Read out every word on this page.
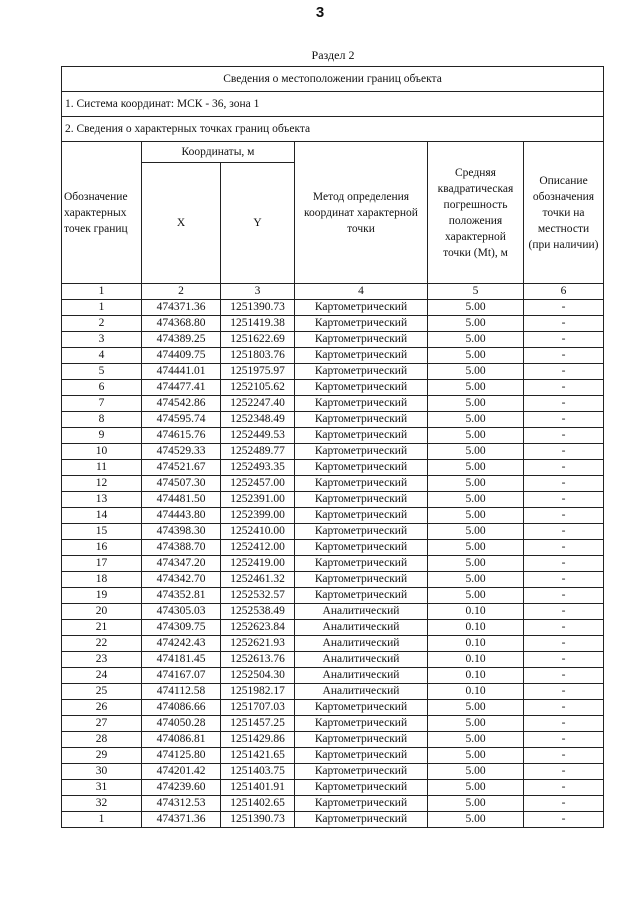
3
Раздел 2
Сведения о местоположении границ объекта					
1. Система координат: МСК - 36, зона 1					
2. Сведения о характерных точках границ объекта					
Обозначение характерных точек границ	Координаты, м		Метод определения координат характерной точки	Средняя квадратическая погрешность положения характерной точки (Mt), м	Описание обозначения точки на местности (при наличии)
	X	Y			
1	2	3	4	5	6
1	474371.36	1251390.73	Картометрический	5.00	-
2	474368.80	1251419.38	Картометрический	5.00	-
3	474389.25	1251622.69	Картометрический	5.00	-
4	474409.75	1251803.76	Картометрический	5.00	-
5	474441.01	1251975.97	Картометрический	5.00	-
6	474477.41	1252105.62	Картометрический	5.00	-
7	474542.86	1252247.40	Картометрический	5.00	-
8	474595.74	1252348.49	Картометрический	5.00	-
9	474615.76	1252449.53	Картометрический	5.00	-
10	474529.33	1252489.77	Картометрический	5.00	-
11	474521.67	1252493.35	Картометрический	5.00	-
12	474507.30	1252457.00	Картометрический	5.00	-
13	474481.50	1252391.00	Картометрический	5.00	-
14	474443.80	1252399.00	Картометрический	5.00	-
15	474398.30	1252410.00	Картометрический	5.00	-
16	474388.70	1252412.00	Картометрический	5.00	-
17	474347.20	1252419.00	Картометрический	5.00	-
18	474342.70	1252461.32	Картометрический	5.00	-
19	474352.81	1252532.57	Картометрический	5.00	-
20	474305.03	1252538.49	Аналитический	0.10	-
21	474309.75	1252623.84	Аналитический	0.10	-
22	474242.43	1252621.93	Аналитический	0.10	-
23	474181.45	1252613.76	Аналитический	0.10	-
24	474167.07	1252504.30	Аналитический	0.10	-
25	474112.58	1251982.17	Аналитический	0.10	-
26	474086.66	1251707.03	Картометрический	5.00	-
27	474050.28	1251457.25	Картометрический	5.00	-
28	474086.81	1251429.86	Картометрический	5.00	-
29	474125.80	1251421.65	Картометрический	5.00	-
30	474201.42	1251403.75	Картометрический	5.00	-
31	474239.60	1251401.91	Картометрический	5.00	-
32	474312.53	1251402.65	Картометрический	5.00	-
1	474371.36	1251390.73	Картометрический	5.00	-
